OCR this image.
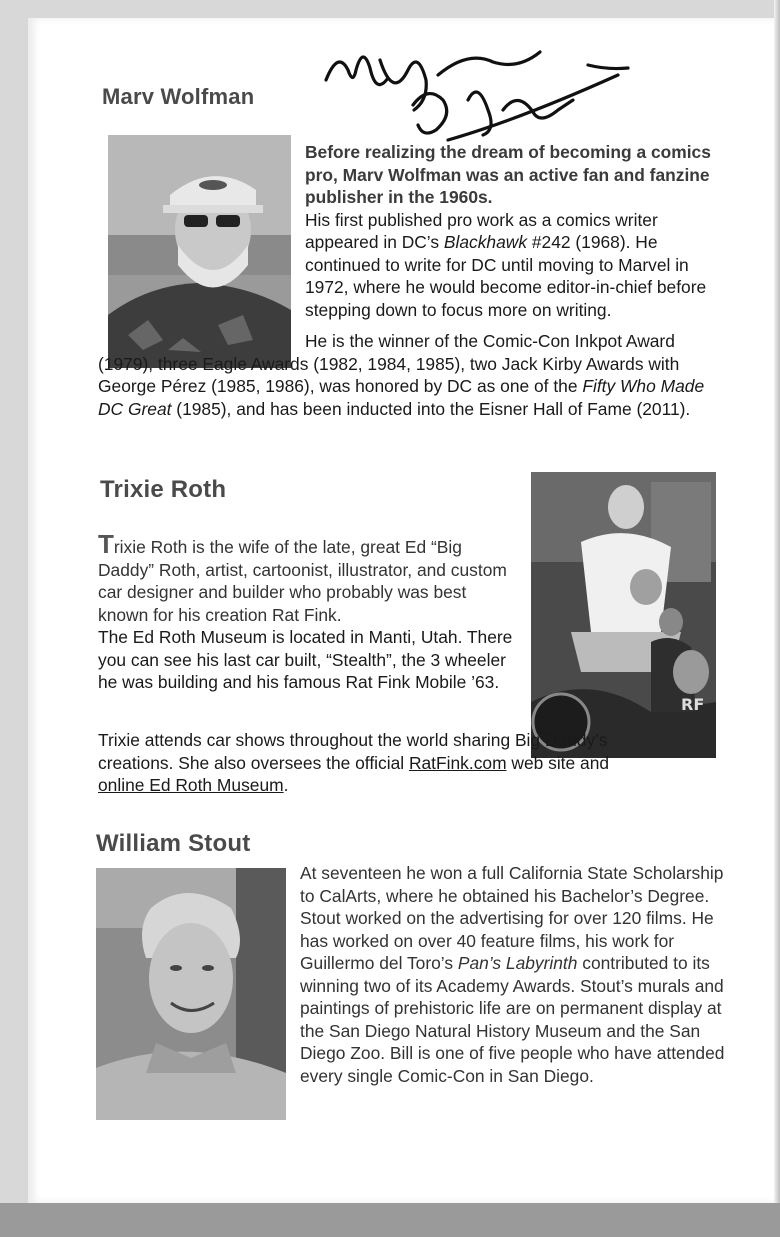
Marv Wolfman

Before realizing the dream of becoming a comics pro, Marv Wolfman was an active fan and fanzine publisher in the 1960s.

His first published pro work as a comics writer appeared in DC’s Blackhawk #242 (1968). He continued to write for DC until moving to Marvel in 1972, where he would become editor-in-chief before stepping down to focus more on writing.

He is the winner of the Comic-Con Inkpot Award (1979), three Eagle Awards (1982, 1984, 1985), two Jack Kirby Awards with George Pérez (1985, 1986), was honored by DC as one of the Fifty Who Made DC Great (1985), and has been inducted into the Eisner Hall of Fame (2011).

Trixie Roth
RF

Trixie Roth is the wife of the late, great Ed “Big Daddy” Roth, artist, cartoonist, illustrator, and custom car designer and builder who probably was best known for his creation Rat Fink.

The Ed Roth Museum is located in Manti, Utah. There you can see his last car built, “Stealth”, the 3 wheeler he was building and his famous Rat Fink Mobile ’63.

Trixie attends car shows throughout the world sharing Big Daddy’s creations. She also oversees the official RatFink.com web site and online Ed Roth Museum.

William Stout

At seventeen he won a full California State Scholarship to CalArts, where he obtained his Bachelor’s Degree. Stout worked on the advertising for over 120 films. He has worked on over 40 feature films, his work for Guillermo del Toro’s Pan’s Labyrinth contributed to its winning two of its Academy Awards. Stout’s murals and paintings of prehistoric life are on permanent display at the San Diego Natural History Museum and the San Diego Zoo. Bill is one of five people who have attended every single Comic-Con in San Diego.
